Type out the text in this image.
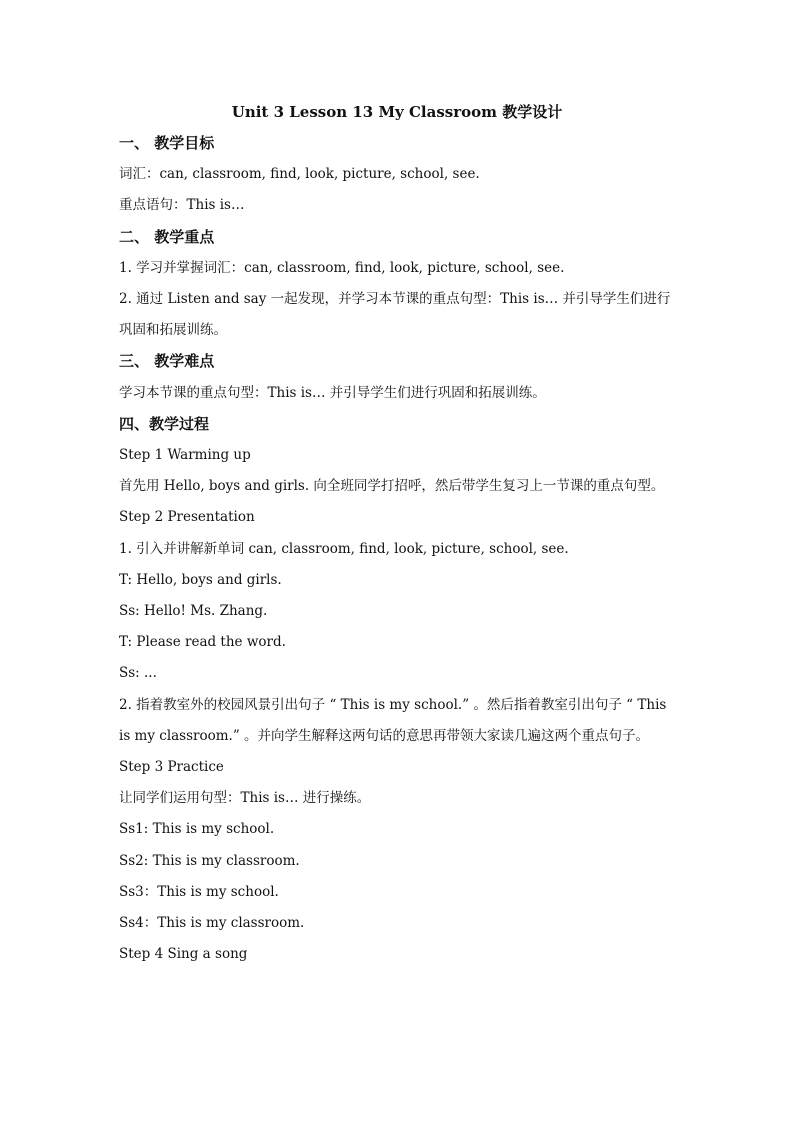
Unit 3 Lesson 13 My Classroom 教学设计
一、 教学目标
词汇：can, classroom, find, look, picture, school, see.
重点语句：This is…
二、 教学重点
1. 学习并掌握词汇：can, classroom, find, look, picture, school, see.
2. 通过 Listen and say 一起发现，并学习本节课的重点句型：This is… 并引导学生们进行巩固和拓展训练。
三、 教学难点
学习本节课的重点句型：This is… 并引导学生们进行巩固和拓展训练。
四、教学过程
Step 1 Warming up
首先用 Hello, boys and girls. 向全班同学打招呼，然后带学生复习上一节课的重点句型。
Step 2 Presentation
1. 引入并讲解新单词 can, classroom, find, look, picture, school, see.
T: Hello, boys and girls.
Ss: Hello! Ms. Zhang.
T: Please read the word.
Ss: ...
2. 指着教室外的校园风景引出句子 “ This is my school.” 。然后指着教室引出句子 “ This is my classroom.” 。并向学生解释这两句话的意思再带领大家读几遍这两个重点句子。
Step 3 Practice
让同学们运用句型：This is… 进行操练。
Ss1: This is my school.
Ss2: This is my classroom.
Ss3：This is my school.
Ss4：This is my classroom.
Step 4 Sing a song
